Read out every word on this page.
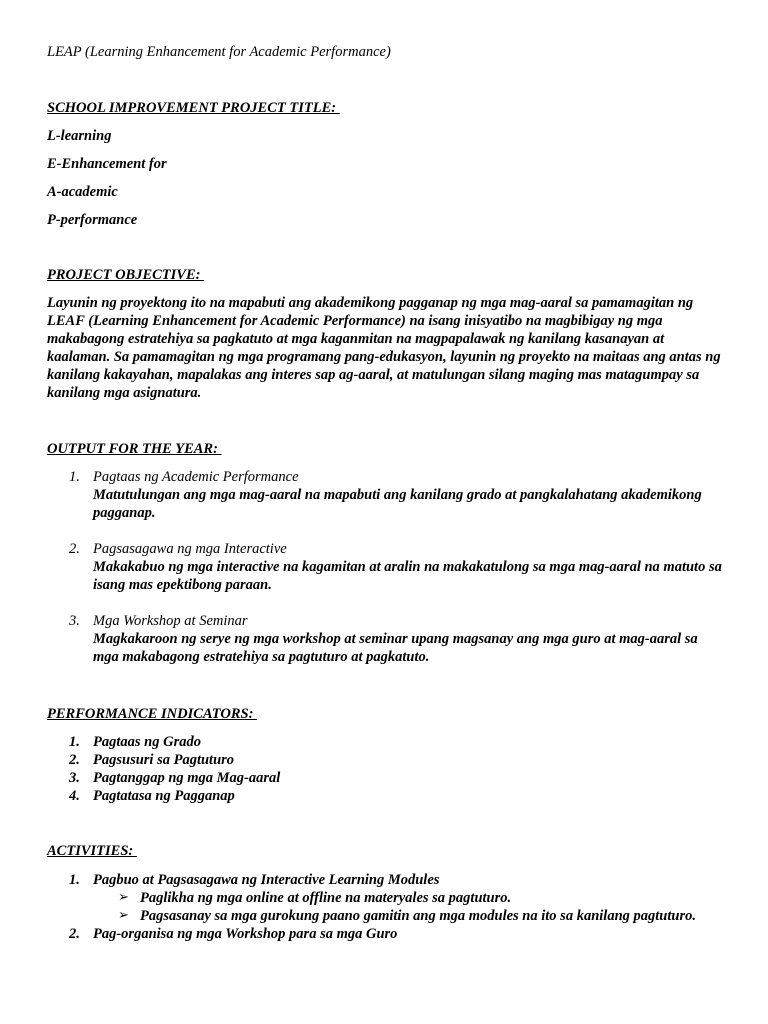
LEAP (Learning Enhancement for Academic Performance)
SCHOOL IMPROVEMENT PROJECT TITLE:
L-learning
E-Enhancement for
A-academic
P-performance
PROJECT OBJECTIVE:
Layunin ng proyektong ito na mapabuti ang akademikong pagganap ng mga mag-aaral sa pamamagitan ng LEAF (Learning Enhancement for Academic Performance) na isang inisyatibo na magbibigay ng mga makabagong estratehiya sa pagkatuto at mga kaganmitan na magpapalawak ng kanilang kasanayan at kaalaman. Sa pamamagitan ng mga programang pang-edukasyon, layunin ng proyekto na maitaas ang antas ng kanilang kakayahan, mapalakas ang interes sap ag-aaral, at matulungan silang maging mas matagumpay sa kanilang mga asignatura.
OUTPUT FOR THE YEAR:
1. Pagtaas ng Academic Performance
Matutulungan ang mga mag-aaral na mapabuti ang kanilang grado at pangkalahatang akademikong pagganap.
2. Pagsasagawa ng mga Interactive
Makakabuo ng mga interactive na kagamitan at aralin na makakatulong sa mga mag-aaral na matuto sa isang mas epektibong paraan.
3. Mga Workshop at Seminar
Magkakaroon ng serye ng mga workshop at seminar upang magsanay ang mga guro at mag-aaral sa mga makabagong estratehiya sa pagtuturo at pagkatuto.
PERFORMANCE INDICATORS:
1. Pagtaas ng Grado
2. Pagsusuri sa Pagtuturo
3. Pagtanggap ng mga Mag-aaral
4. Pagtatasa ng Pagganap
ACTIVITIES:
1. Pagbuo at Pagsasagawa ng Interactive Learning Modules
➢ Paglikha ng mga online at offline na materyales sa pagtuturo.
➢ Pagsasanay sa mga gurokung paano gamitin ang mga modules na ito sa kanilang pagtuturo.
2. Pag-organisa ng mga Workshop para sa mga Guro
